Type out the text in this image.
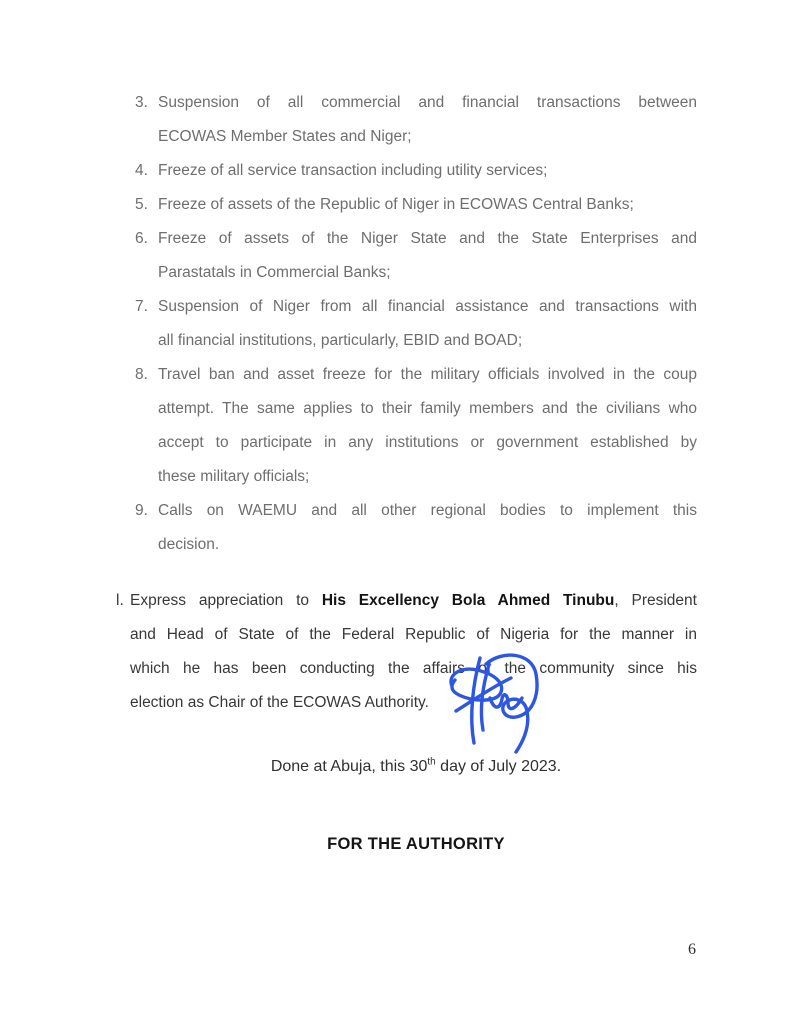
3. Suspension of all commercial and financial transactions between
ECOWAS Member States and Niger;
4. Freeze of all service transaction including utility services;
5. Freeze of assets of the Republic of Niger in ECOWAS Central Banks;
6. Freeze of assets of the Niger State and the State Enterprises and
Parastatals in Commercial Banks;
7. Suspension of Niger from all financial assistance and transactions with
all financial institutions, particularly, EBID and BOAD;
8. Travel ban and asset freeze for the military officials involved in the coup
attempt. The same applies to their family members and the civilians who
accept to participate in any institutions or government established by
these military officials;
9. Calls on WAEMU and all other regional bodies to implement this
decision.
l. Express appreciation to His Excellency Bola Ahmed Tinubu, President
and Head of State of the Federal Republic of Nigeria for the manner in
which he has been conducting the affairs of the community since his
election as Chair of the ECOWAS Authority.
Done at Abuja, this 30th day of July 2023.
FOR THE AUTHORITY
6
